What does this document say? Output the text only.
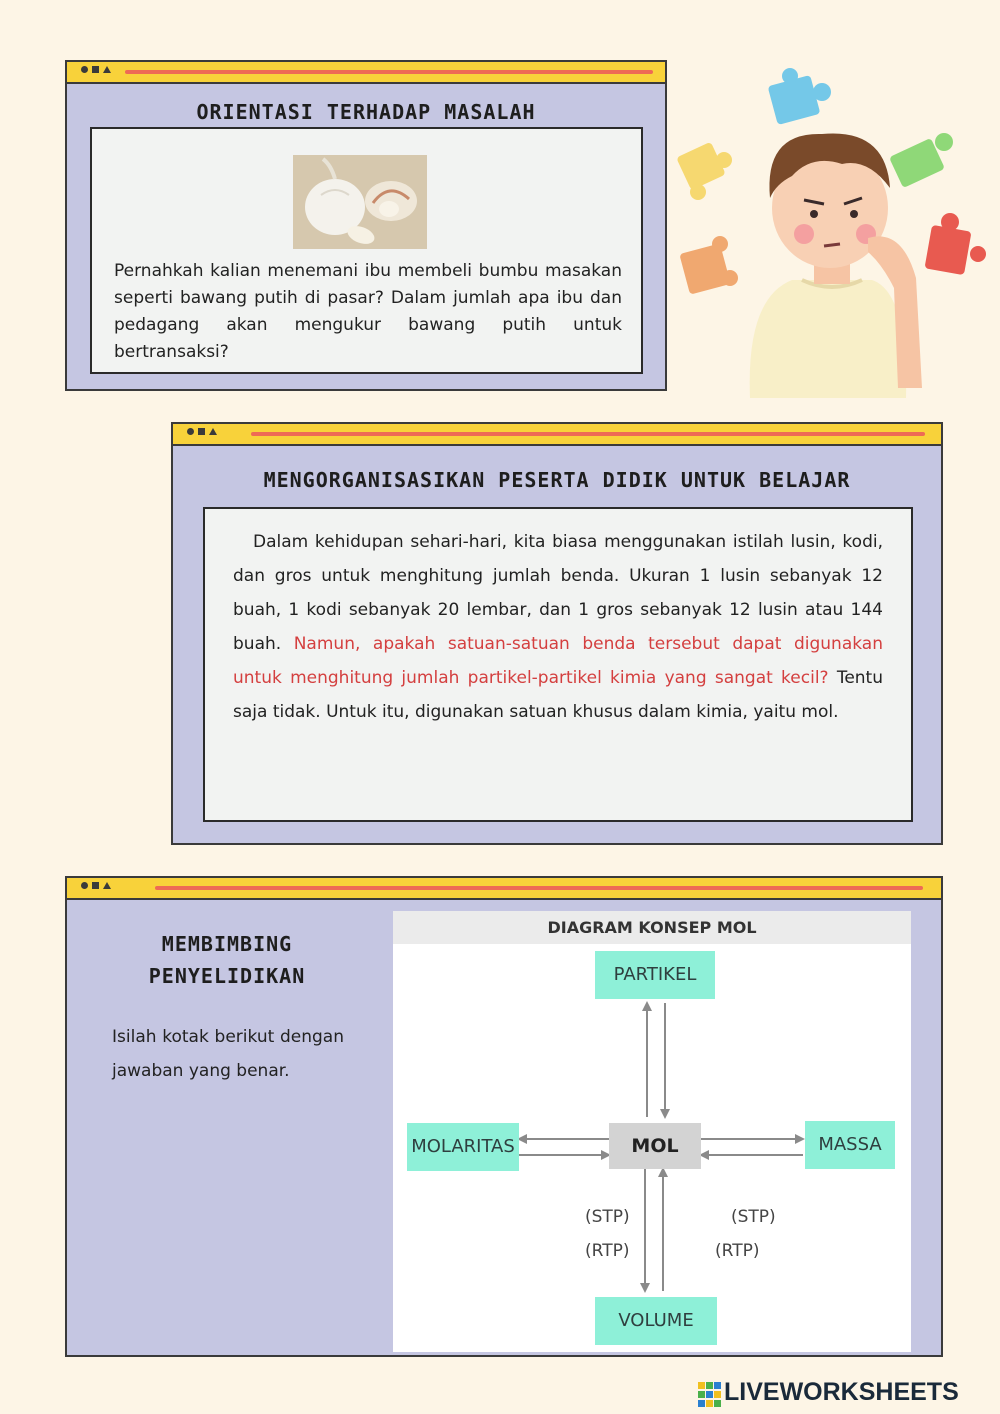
ORIENTASI TERHADAP MASALAH
Pernahkah kalian menemani ibu membeli bumbu masakan seperti bawang putih di pasar? Dalam jumlah apa ibu dan pedagang akan mengukur bawang putih untuk bertransaksi?
MENGORGANISASIKAN PESERTA DIDIK UNTUK BELAJAR
Dalam kehidupan sehari-hari, kita biasa menggunakan istilah lusin, kodi, dan gros untuk menghitung jumlah benda. Ukuran 1 lusin sebanyak 12 buah, 1 kodi sebanyak 20 lembar, dan 1 gros sebanyak 12 lusin atau 144 buah. Namun, apakah satuan-satuan benda tersebut dapat digunakan untuk menghitung jumlah partikel-partikel kimia yang sangat kecil? Tentu saja tidak. Untuk itu, digunakan satuan khusus dalam kimia, yaitu mol.
MEMBIMBING
PENYELIDIKAN
Isilah kotak berikut dengan jawaban yang benar.
DIAGRAM KONSEP MOL
PARTIKEL
MOLARITAS	MASSA
VOLUME
MOL
(STP)
(RTP)
(STP)
(RTP)
LIVEWORKSHEETS
